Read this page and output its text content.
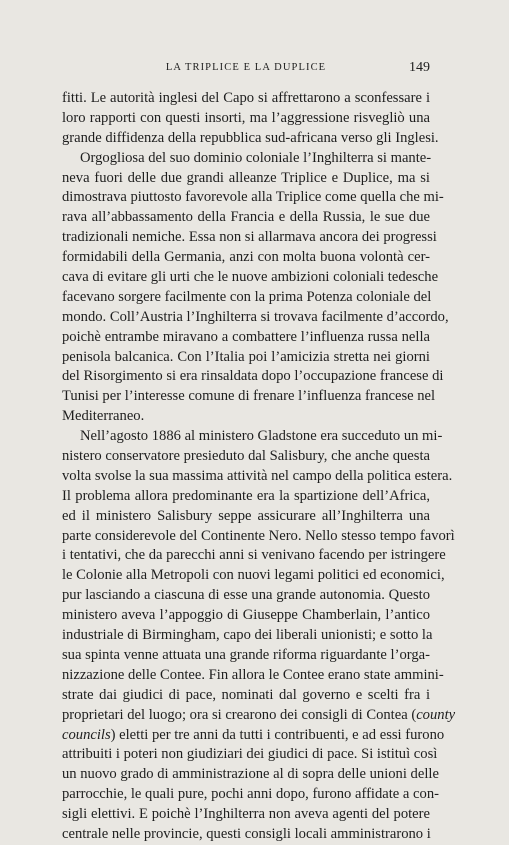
LA TRIPLICE E LA DUPLICE	149
fitti. Le autorità inglesi del Capo si affrettarono a sconfessare i
loro rapporti con questi insorti, ma l’aggressione risvegliò una
grande diffidenza della repubblica sud-africana verso gli Inglesi.
Orgogliosa del suo dominio coloniale l’Inghilterra si mante-
neva fuori delle due grandi alleanze Triplice e Duplice, ma si
dimostrava piuttosto favorevole alla Triplice come quella che mi-
rava all’abbassamento della Francia e della Russia, le sue due
tradizionali nemiche. Essa non si allarmava ancora dei progressi
formidabili della Germania, anzi con molta buona volontà cer-
cava di evitare gli urti che le nuove ambizioni coloniali tedesche
facevano sorgere facilmente con la prima Potenza coloniale del
mondo. Coll’Austria l’Inghilterra si trovava facilmente d’accordo,
poichè entrambe miravano a combattere l’influenza russa nella
penisola balcanica. Con l’Italia poi l’amicizia stretta nei giorni
del Risorgimento si era rinsaldata dopo l’occupazione francese di
Tunisi per l’interesse comune di frenare l’influenza francese nel
Mediterraneo.
Nell’agosto 1886 al ministero Gladstone era succeduto un mi-
nistero conservatore presieduto dal Salisbury, che anche questa
volta svolse la sua massima attività nel campo della politica estera.
Il problema allora predominante era la spartizione dell’Africa,
ed il ministero Salisbury seppe assicurare all’Inghilterra una
parte considerevole del Continente Nero. Nello stesso tempo favorì
i tentativi, che da parecchi anni si venivano facendo per istringere
le Colonie alla Metropoli con nuovi legami politici ed economici,
pur lasciando a ciascuna di esse una grande autonomia. Questo
ministero aveva l’appoggio di Giuseppe Chamberlain, l’antico
industriale di Birmingham, capo dei liberali unionisti; e sotto la
sua spinta venne attuata una grande riforma riguardante l’orga-
nizzazione delle Contee. Fin allora le Contee erano state ammini-
strate dai giudici di pace, nominati dal governo e scelti fra i
proprietari del luogo; ora si crearono dei consigli di Contea (county
councils) eletti per tre anni da tutti i contribuenti, e ad essi furono
attribuiti i poteri non giudiziari dei giudici di pace. Si istituì così
un nuovo grado di amministrazione al di sopra delle unioni delle
parrocchie, le quali pure, pochi anni dopo, furono affidate a con-
sigli elettivi. E poichè l’Inghilterra non aveva agenti del potere
centrale nelle provincie, questi consigli locali amministrarono i
